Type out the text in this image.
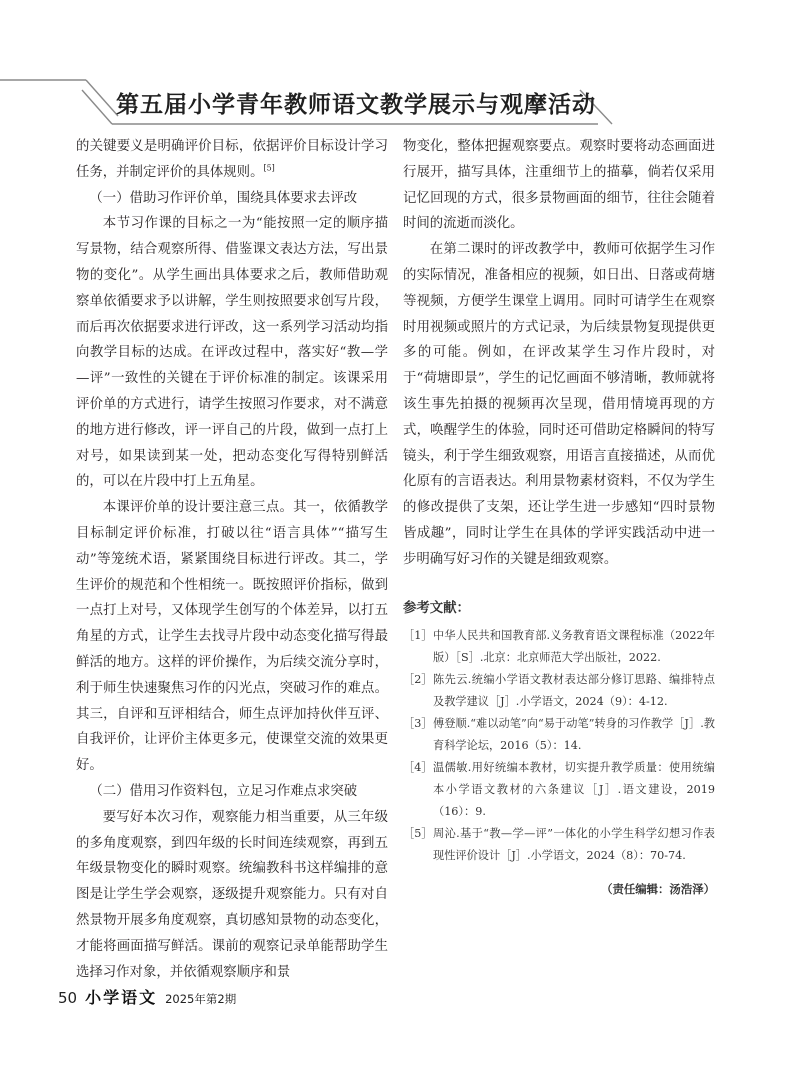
第五届小学青年教师语文教学展示与观摩活动

的关键要义是明确评价目标，依据评价目标设计学习任务，并制定评价的具体规则。[5]

（一）借助习作评价单，围绕具体要求去评改

本节习作课的目标之一为“能按照一定的顺序描写景物，结合观察所得、借鉴课文表达方法，写出景物的变化”。从学生画出具体要求之后，教师借助观察单依循要求予以讲解，学生则按照要求创写片段，而后再次依据要求进行评改，这一系列学习活动均指向教学目标的达成。在评改过程中，落实好“教—学—评”一致性的关键在于评价标准的制定。该课采用评价单的方式进行，请学生按照习作要求，对不满意的地方进行修改，评一评自己的片段，做到一点打上对号，如果读到某一处，把动态变化写得特别鲜活的，可以在片段中打上五角星。

本课评价单的设计要注意三点。其一，依循教学目标制定评价标准，打破以往“语言具体”“描写生动”等笼统术语，紧紧围绕目标进行评改。其二，学生评价的规范和个性相统一。既按照评价指标，做到一点打上对号，又体现学生创写的个体差异，以打五角星的方式，让学生去找寻片段中动态变化描写得最鲜活的地方。这样的评价操作，为后续交流分享时，利于师生快速聚焦习作的闪光点，突破习作的难点。其三，自评和互评相结合，师生点评加持伙伴互评、自我评价，让评价主体更多元，使课堂交流的效果更好。

（二）借用习作资料包，立足习作难点求突破

要写好本次习作，观察能力相当重要，从三年级的多角度观察，到四年级的长时间连续观察，再到五年级景物变化的瞬时观察。统编教科书这样编排的意图是让学生学会观察，逐级提升观察能力。只有对自然景物开展多角度观察，真切感知景物的动态变化，才能将画面描写鲜活。课前的观察记录单能帮助学生选择习作对象，并依循观察顺序和景

物变化，整体把握观察要点。观察时要将动态画面进行展开，描写具体，注重细节上的描摹，倘若仅采用记忆回现的方式，很多景物画面的细节，往往会随着时间的流逝而淡化。

在第二课时的评改教学中，教师可依据学生习作的实际情况，准备相应的视频，如日出、日落或荷塘等视频，方便学生课堂上调用。同时可请学生在观察时用视频或照片的方式记录，为后续景物复现提供更多的可能。例如，在评改某学生习作片段时，对于“荷塘即景”，学生的记忆画面不够清晰，教师就将该生事先拍摄的视频再次呈现，借用情境再现的方式，唤醒学生的体验，同时还可借助定格瞬间的特写镜头，利于学生细致观察，用语言直接描述，从而优化原有的言语表达。利用景物素材资料，不仅为学生的修改提供了支架，还让学生进一步感知“四时景物皆成趣”，同时让学生在具体的学评实践活动中进一步明确写好习作的关键是细致观察。

参考文献：
［1］ 中华人民共和国教育部.义务教育语文课程标准（2022年版）［S］.北京：北京师范大学出版社，2022.
［2］ 陈先云.统编小学语文教材表达部分修订思路、编排特点及教学建议［J］.小学语文，2024（9）：4-12.
［3］ 傅登顺.“难以动笔”向“易于动笔”转身的习作教学［J］.教育科学论坛，2016（5）：14.
［4］ 温儒敏.用好统编本教材，切实提升教学质量：使用统编本小学语文教材的六条建议［J］.语文建设，2019（16）：9.
［5］ 周沁.基于“教—学—评”一体化的小学生科学幻想习作表现性评价设计［J］.小学语文，2024（8）：70-74.
（责任编辑：汤浩泽）
50 小学语文 2025年第2期
